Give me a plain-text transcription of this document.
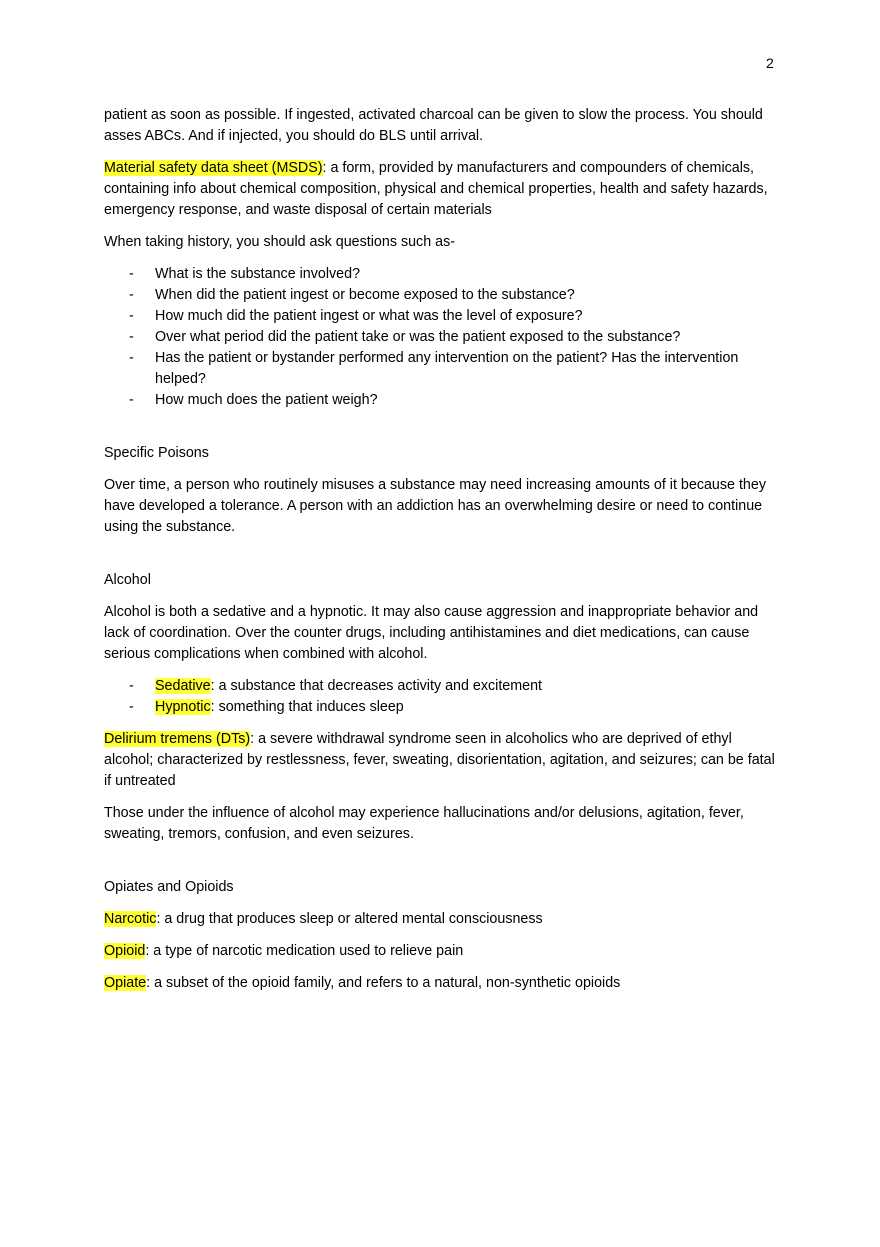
2

patient as soon as possible. If ingested, activated charcoal can be given to slow the process. You should asses ABCs. And if injected, you should do BLS until arrival.

Material safety data sheet (MSDS): a form, provided by manufacturers and compounders of chemicals, containing info about chemical composition, physical and chemical properties, health and safety hazards, emergency response, and waste disposal of certain materials

When taking history, you should ask questions such as-

- What is the substance involved?
- When did the patient ingest or become exposed to the substance?
- How much did the patient ingest or what was the level of exposure?
- Over what period did the patient take or was the patient exposed to the substance?
- Has the patient or bystander performed any intervention on the patient? Has the intervention helped?
- How much does the patient weigh?

Specific Poisons

Over time, a person who routinely misuses a substance may need increasing amounts of it because they have developed a tolerance. A person with an addiction has an overwhelming desire or need to continue using the substance.

Alcohol

Alcohol is both a sedative and a hypnotic. It may also cause aggression and inappropriate behavior and lack of coordination. Over the counter drugs, including antihistamines and diet medications, can cause serious complications when combined with alcohol.

- Sedative: a substance that decreases activity and excitement
- Hypnotic: something that induces sleep

Delirium tremens (DTs): a severe withdrawal syndrome seen in alcoholics who are deprived of ethyl alcohol; characterized by restlessness, fever, sweating, disorientation, agitation, and seizures; can be fatal if untreated

Those under the influence of alcohol may experience hallucinations and/or delusions, agitation, fever, sweating, tremors, confusion, and even seizures.

Opiates and Opioids

Narcotic: a drug that produces sleep or altered mental consciousness

Opioid: a type of narcotic medication used to relieve pain

Opiate: a subset of the opioid family, and refers to a natural, non-synthetic opioids
